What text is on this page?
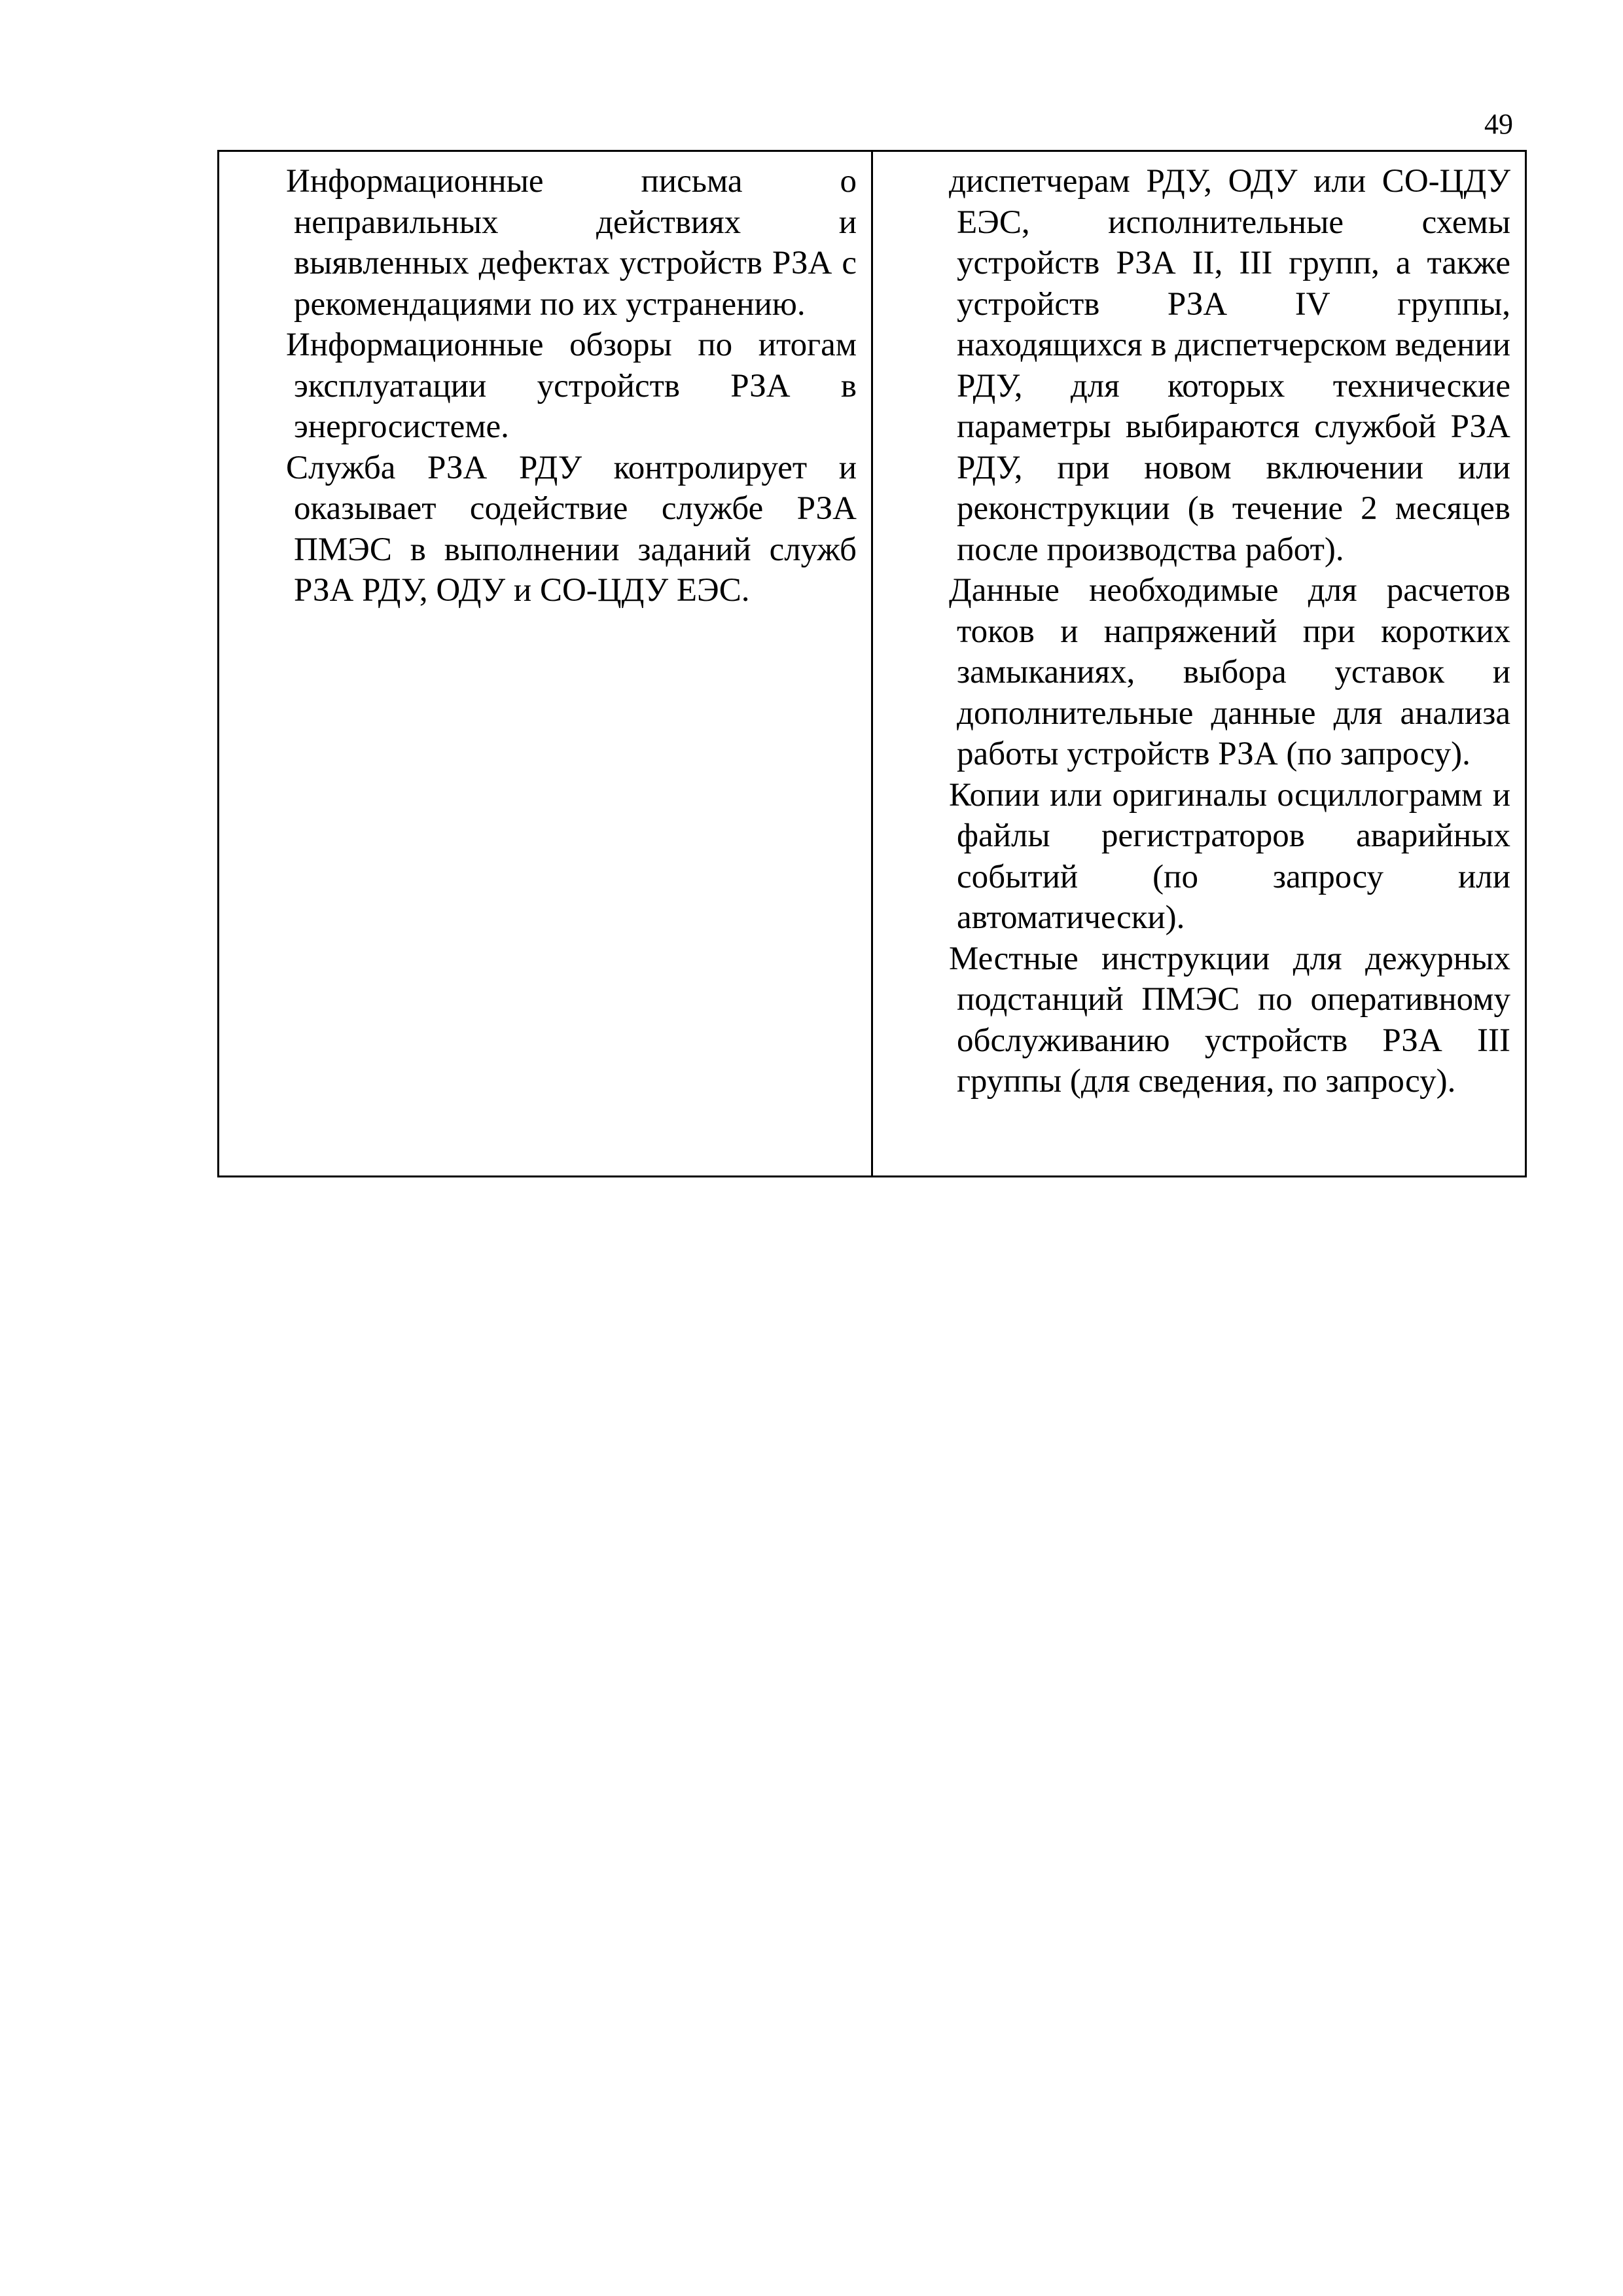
49

Информационные письма о неправильных действиях и выявленных дефектах устройств РЗА с рекомендациями по их устранению.

Информационные обзоры по итогам эксплуатации устройств РЗА в энергосистеме.

Служба РЗА РДУ контролирует и оказывает содействие службе РЗА ПМЭС в выполнении заданий служб РЗА РДУ, ОДУ и СО-ЦДУ ЕЭС.

диспетчерам РДУ, ОДУ или СО-ЦДУ ЕЭС, исполнительные схемы устройств РЗА II, III групп, а также устройств РЗА IV группы, находящихся в диспетчерском ведении РДУ, для которых технические параметры выбираются службой РЗА РДУ, при новом включении или реконструкции (в течение 2 месяцев после производства работ).

Данные необходимые для расчетов токов и напряжений при коротких замыканиях, выбора уставок и дополнительные данные для анализа работы устройств РЗА (по запросу).

Копии или оригиналы осциллограмм и файлы регистраторов аварийных событий (по запросу или автоматически).

Местные инструкции для дежурных подстанций ПМЭС по оперативному обслуживанию устройств РЗА III группы (для сведения, по запросу).
